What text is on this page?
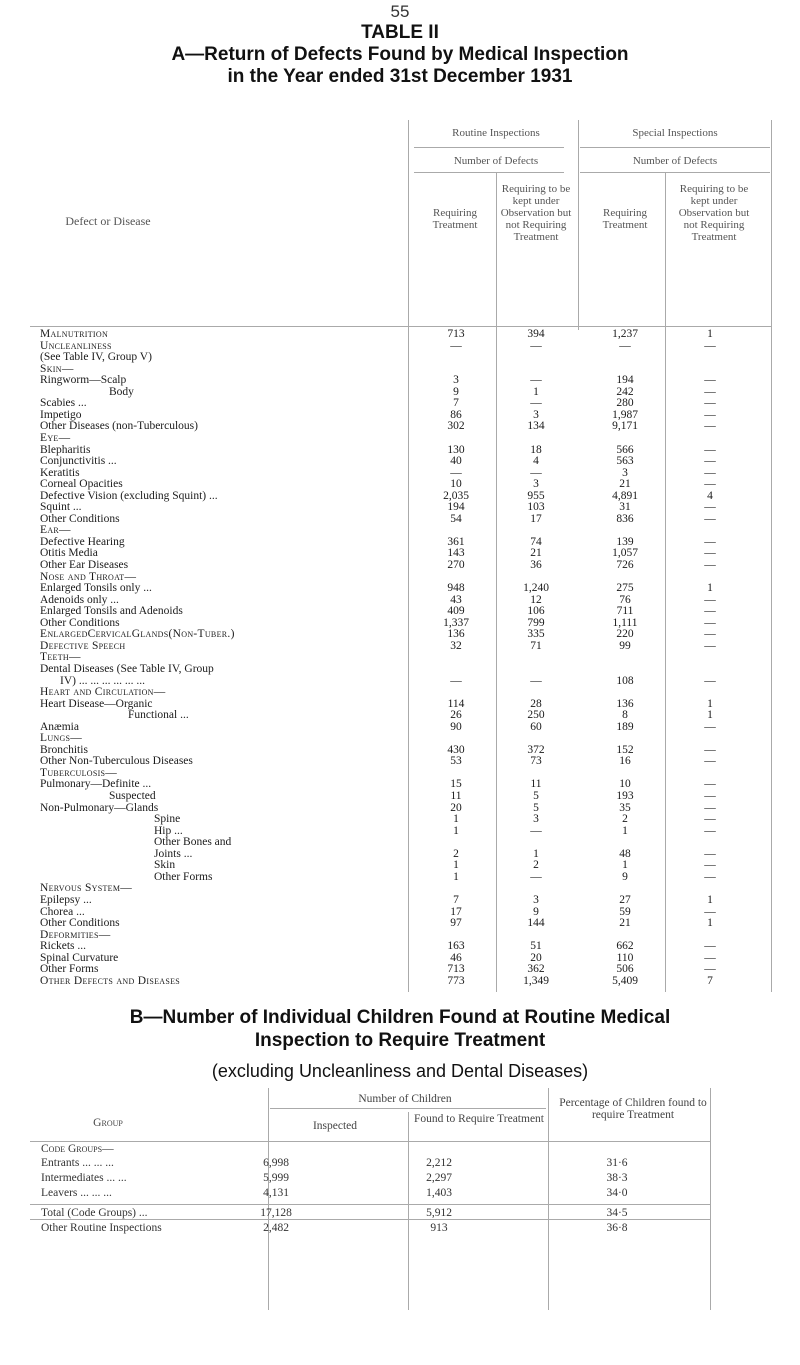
55
TABLE II
A—Return of Defects Found by Medical Inspection
in the Year ended 31st December 1931
Defect or Disease
Routine Inspections	Special Inspections
Number of Defects	Number of Defects
Requiring Treatment
Requiring to be kept under Observation but not Requiring Treatment
Requiring Treatment
Requiring to be kept under Observation but not Requiring Treatment
Malnutrition	713	394	1,237	1
Uncleanliness	—	—	—	—
(See Table IV, Group V)
Skin—
Ringworm—Scalp	3	—	194	—
Body	9	1	242	—
Scabies ...	7	—	280	—
Impetigo	86	3	1,987	—
Other Diseases (non-Tuberculous)	302	134	9,171	—
Eye—
Blepharitis	130	18	566	—
Conjunctivitis ...	40	4	563	—
Keratitis	—	—	3	—
Corneal Opacities	10	3	21	—
Defective Vision (excluding Squint) ...	2,035	955	4,891	4
Squint ...	194	103	31	—
Other Conditions	54	17	836	—
Ear—
Defective Hearing	361	74	139	—
Otitis Media	143	21	1,057	—
Other Ear Diseases	270	36	726	—
Nose and Throat—
Enlarged Tonsils only ...	948	1,240	275	1
Adenoids only ...	43	12	76	—
Enlarged Tonsils and Adenoids	409	106	711	—
Other Conditions	1,337	799	1,111	—
EnlargedCervicalGlands(Non-Tuber.)	136	335	220	—
Defective Speech	32	71	99	—
Teeth—
Dental Diseases (See Table IV, Group
IV) ... ... ... ... ... ...	—	—	108	—
Heart and Circulation—
Heart Disease—Organic	114	28	136	1
Functional ...	26	250	8	1
Anæmia	90	60	189	—
Lungs—
Bronchitis	430	372	152	—
Other Non-Tuberculous Diseases	53	73	16	—
Tuberculosis—
Pulmonary—Definite ...	15	11	10	—
Suspected	11	5	193	—
Non-Pulmonary—Glands	20	5	35	—
Spine	1	3	2	—
Hip ...	1	—	1	—
Other Bones and
Joints ...	2	1	48	—
Skin	1	2	1	—
Other Forms	1	—	9	—
Nervous System—
Epilepsy ...	7	3	27	1
Chorea ...	17	9	59	—
Other Conditions	97	144	21	1
Deformities—
Rickets ...	163	51	662	—
Spinal Curvature	46	20	110	—
Other Forms	713	362	506	—
Other Defects and Diseases	773	1,349	5,409	7
B—Number of Individual Children Found at Routine Medical
Inspection to Require Treatment
(excluding Uncleanliness and Dental Diseases)
Group
Number of Children
Inspected
Found to Require Treatment
Percentage of Children found to require Treatment
Code Groups—
Entrants ... ... ...	6,998	2,212	31·6
Intermediates ... ...	5,999	2,297	38·3
Leavers ... ... ...	4,131	1,403	34·0
Total (Code Groups) ...	17,128	5,912	34·5
Other Routine Inspections	2,482	913	36·8
